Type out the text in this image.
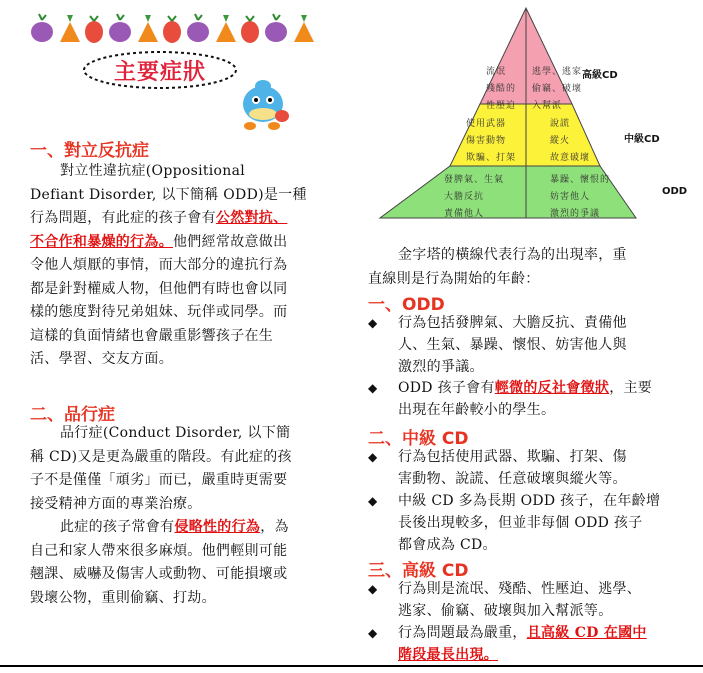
主要症狀
一、對立反抗症
對立性違抗症(Oppositional
Defiant Disorder, 以下簡稱 ODD)是一種
行為問題，有此症的孩子會有公然對抗、
不合作和暴燥的行為。他們經常故意做出
令他人煩厭的事情，而大部分的違抗行為
都是針對權威人物，但他們有時也會以同
樣的態度對待兄弟姐妹、玩伴或同學。而
這樣的負面情緒也會嚴重影響孩子在生
活、學習、交友方面。
二、品行症
品行症(Conduct Disorder, 以下簡
稱 CD)又是更為嚴重的階段。有此症的孩
子不是僅僅「頑劣」而已，嚴重時更需要
接受精神方面的專業治療。
此症的孩子常會有侵略性的行為，為
自己和家人帶來很多麻煩。他們輕則可能
翹課、威嚇及傷害人或動物、可能損壞或
毀壞公物，重則偷竊、打劫。
流氓
殘酷的
性壓迫
逃學、逃家
偷竊、破壞
入幫派
使用武器
傷害動物
欺騙、打架
說謊
縱火
故意破壞
發脾氣、生氣
大膽反抗
責備他人
暴躁、懷恨的
妨害他人
激烈的爭議
高級CD
中級CD
ODD
金字塔的橫線代表行為的出現率，重
直線則是行為開始的年齡：
一、ODD
◆ 行為包括發脾氣、大膽反抗、責備他
人、生氣、暴躁、懷恨、妨害他人與
激烈的爭議。
◆ ODD 孩子會有輕微的反社會徵狀，主要
出現在年齡較小的學生。
二、中級 CD
◆ 行為包括使用武器、欺騙、打架、傷
害動物、說謊、任意破壞與縱火等。
◆ 中級 CD 多為長期 ODD 孩子，在年齡增
長後出現較多，但並非每個 ODD 孩子
都會成為 CD。
三、高級 CD
◆ 行為則是流氓、殘酷、性壓迫、逃學、
逃家、偷竊、破壞與加入幫派等。
◆ 行為問題最為嚴重，且高級 CD 在國中
階段最長出現。
